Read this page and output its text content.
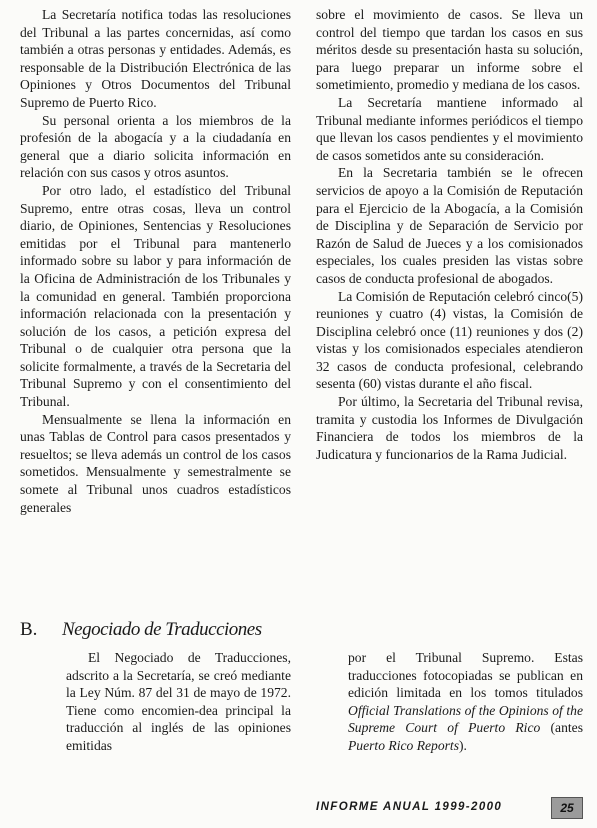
La Secretaría notifica todas las resoluciones del Tribunal a las partes concernidas, así como también a otras personas y entidades. Además, es responsable de la Distribución Electrónica de las Opiniones y Otros Documentos del Tribunal Supremo de Puerto Rico.

Su personal orienta a los miembros de la profesión de la abogacía y a la ciudadanía en general que a diario solicita información en relación con sus casos y otros asuntos.

Por otro lado, el estadístico del Tribunal Supremo, entre otras cosas, lleva un control diario, de Opiniones, Sentencias y Resoluciones emitidas por el Tribunal para mantenerlo informado sobre su labor y para información de la Oficina de Administración de los Tribunales y la comunidad en general. También proporciona información relacionada con la presentación y solución de los casos, a petición expresa del Tribunal o de cualquier otra persona que la solicite formalmente, a través de la Secretaria del Tribunal Supremo y con el consentimiento del Tribunal.

Mensualmente se llena la información en unas Tablas de Control para casos presentados y resueltos; se lleva además un control de los casos sometidos. Mensualmente y semestralmente se somete al Tribunal unos cuadros estadísticos generales

sobre el movimiento de casos. Se lleva un control del tiempo que tardan los casos en sus méritos desde su presentación hasta su solución, para luego preparar un informe sobre el sometimiento, promedio y mediana de los casos.

La Secretaría mantiene informado al Tribunal mediante informes periódicos el tiempo que llevan los casos pendientes y el movimiento de casos sometidos ante su consideración.

En la Secretaria también se le ofrecen servicios de apoyo a la Comisión de Reputación para el Ejercicio de la Abogacía, a la Comisión de Disciplina y de Separación de Servicio por Razón de Salud de Jueces y a los comisionados especiales, los cuales presiden las vistas sobre casos de conducta profesional de abogados.

La Comisión de Reputación celebró cinco(5) reuniones y cuatro (4) vistas, la Comisión de Disciplina celebró once (11) reuniones y dos (2) vistas y los comisionados especiales atendieron 32 casos de conducta profesional, celebrando sesenta (60) vistas durante el año fiscal.

Por último, la Secretaria del Tribunal revisa, tramita y custodia los Informes de Divulgación Financiera de todos los miembros de la Judicatura y funcionarios de la Rama Judicial.

B. Negociado de Traducciones

El Negociado de Traducciones, adscrito a la Secretaría, se creó mediante la Ley Núm. 87 del 31 de mayo de 1972. Tiene como encomien-dea principal la traducción al inglés de las opiniones emitidas

por el Tribunal Supremo. Estas traducciones fotocopiadas se publican en edición limitada en los tomos titulados Official Translations of the Opinions of the Supreme Court of Puerto Rico (antes Puerto Rico Reports).

INFORME ANUAL 1999-2000	25
